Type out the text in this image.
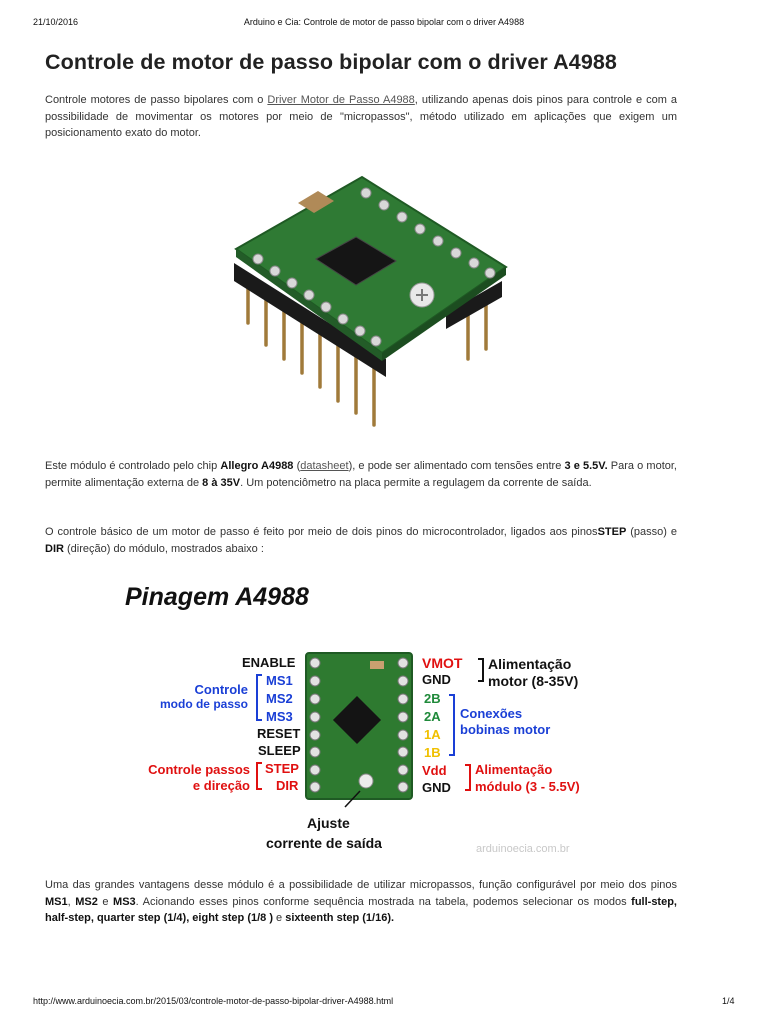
21/10/2016	Arduino e Cia: Controle de motor de passo bipolar com o driver A4988
Controle de motor de passo bipolar com o driver A4988

Controle motores de passo bipolares com o Driver Motor de Passo A4988, utilizando apenas dois pinos para controle e com a possibilidade de movimentar os motores por meio de "micropassos", método utilizado em aplicações que exigem um posicionamento exato do motor.

Este módulo é controlado pelo chip Allegro A4988 (datasheet), e pode ser alimentado com tensões entre 3 e 5.5V. Para o motor, permite alimentação externa de 8 à 35V. Um potenciômetro na placa permite a regulagem da corrente de saída.

O controle básico de um motor de passo é feito por meio de dois pinos do microcontrolador, ligados aos pinosSTEP (passo) e DIR (direção) do módulo, mostrados abaixo :

Pinagem A4988
ENABLE
MS1
MS2
MS3
RESET
SLEEP
STEP
DIR
Controle
modo de passo
Controle passos
e direção
VMOT
GND
2B
2A
1A
1B
Vdd
GND
Alimentação
motor (8-35V)
Conexões
bobinas motor
Alimentação
módulo (3 - 5.5V)
Ajuste
corrente de saída	arduinoecia.com.br

Uma das grandes vantagens desse módulo é a possibilidade de utilizar micropassos, função configurável por meio dos pinos MS1, MS2 e MS3. Acionando esses pinos conforme sequência mostrada na tabela, podemos selecionar os modos full-step, half-step, quarter step (1/4), eight step (1/8 ) e sixteenth step (1/16).

http://www.arduinoecia.com.br/2015/03/controle-motor-de-passo-bipolar-driver-A4988.html	1/4
